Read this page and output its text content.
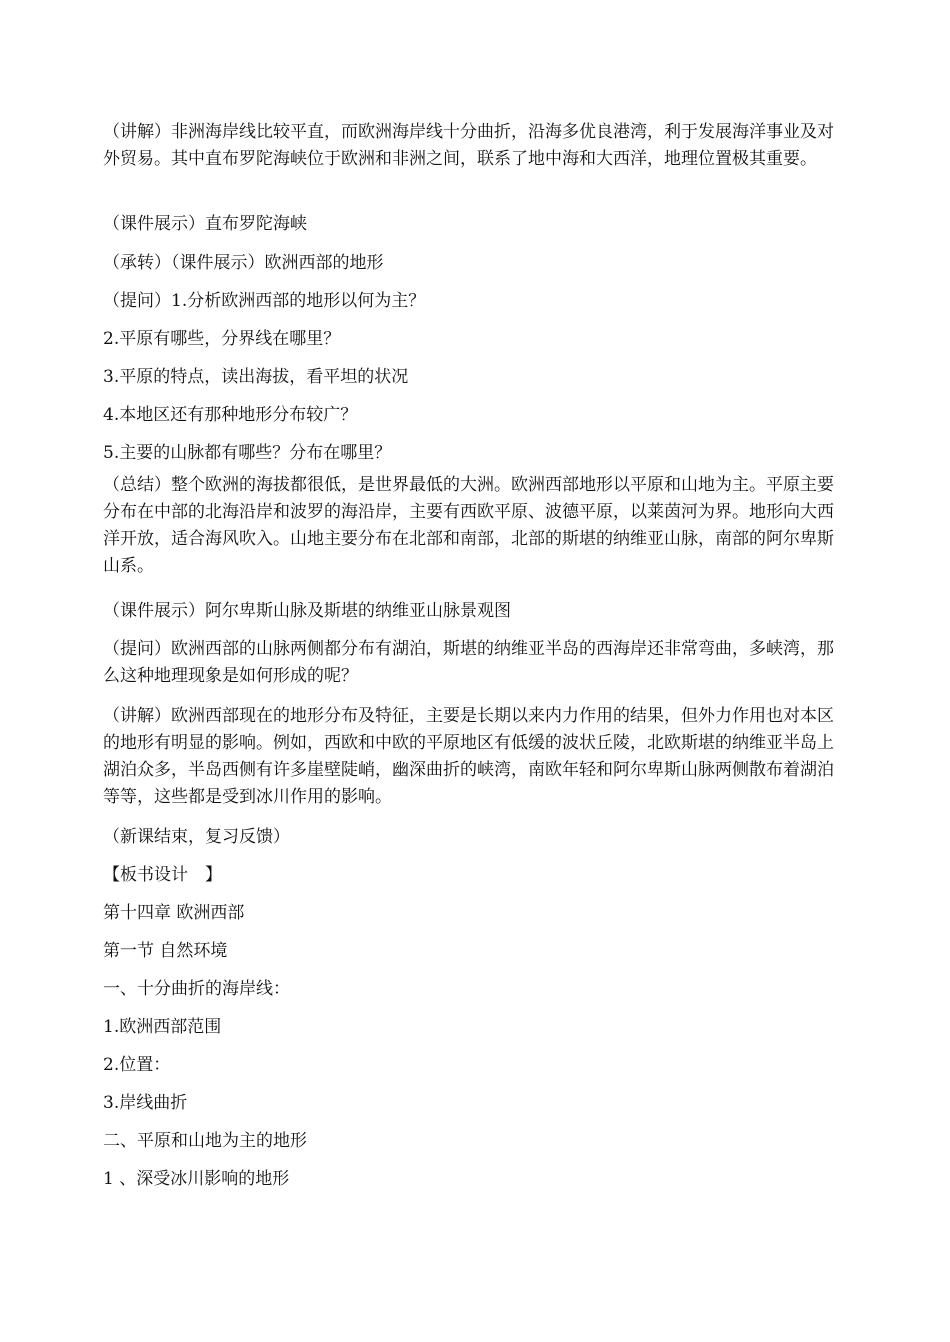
（讲解）非洲海岸线比较平直，而欧洲海岸线十分曲折，沿海多优良港湾，利于发展海洋事业及对外贸易。其中直布罗陀海峡位于欧洲和非洲之间，联系了地中海和大西洋，地理位置极其重要。

（课件展示）直布罗陀海峡

（承转）（课件展示）欧洲西部的地形

（提问）1.分析欧洲西部的地形以何为主？

2.平原有哪些，分界线在哪里？

3.平原的特点，读出海拔，看平坦的状况

4.本地区还有那种地形分布较广？

5.主要的山脉都有哪些？分布在哪里？

（总结）整个欧洲的海拔都很低，是世界最低的大洲。欧洲西部地形以平原和山地为主。平原主要分布在中部的北海沿岸和波罗的海沿岸，主要有西欧平原、波德平原，以莱茵河为界。地形向大西洋开放，适合海风吹入。山地主要分布在北部和南部，北部的斯堪的纳维亚山脉，南部的阿尔卑斯山系。

（课件展示）阿尔卑斯山脉及斯堪的纳维亚山脉景观图

（提问）欧洲西部的山脉两侧都分布有湖泊，斯堪的纳维亚半岛的西海岸还非常弯曲，多峡湾，那么这种地理现象是如何形成的呢？

（讲解）欧洲西部现在的地形分布及特征，主要是长期以来内力作用的结果，但外力作用也对本区的地形有明显的影响。例如，西欧和中欧的平原地区有低缓的波状丘陵，北欧斯堪的纳维亚半岛上湖泊众多，半岛西侧有许多崖壁陡峭，幽深曲折的峡湾，南欧年轻和阿尔卑斯山脉两侧散布着湖泊等等，这些都是受到冰川作用的影响。

（新课结束，复习反馈）

【板书设计　】

第十四章 欧洲西部

第一节 自然环境

一、十分曲折的海岸线：

1.欧洲西部范围

2.位置：

3.岸线曲折

二、平原和山地为主的地形

1 、深受冰川影响的地形
